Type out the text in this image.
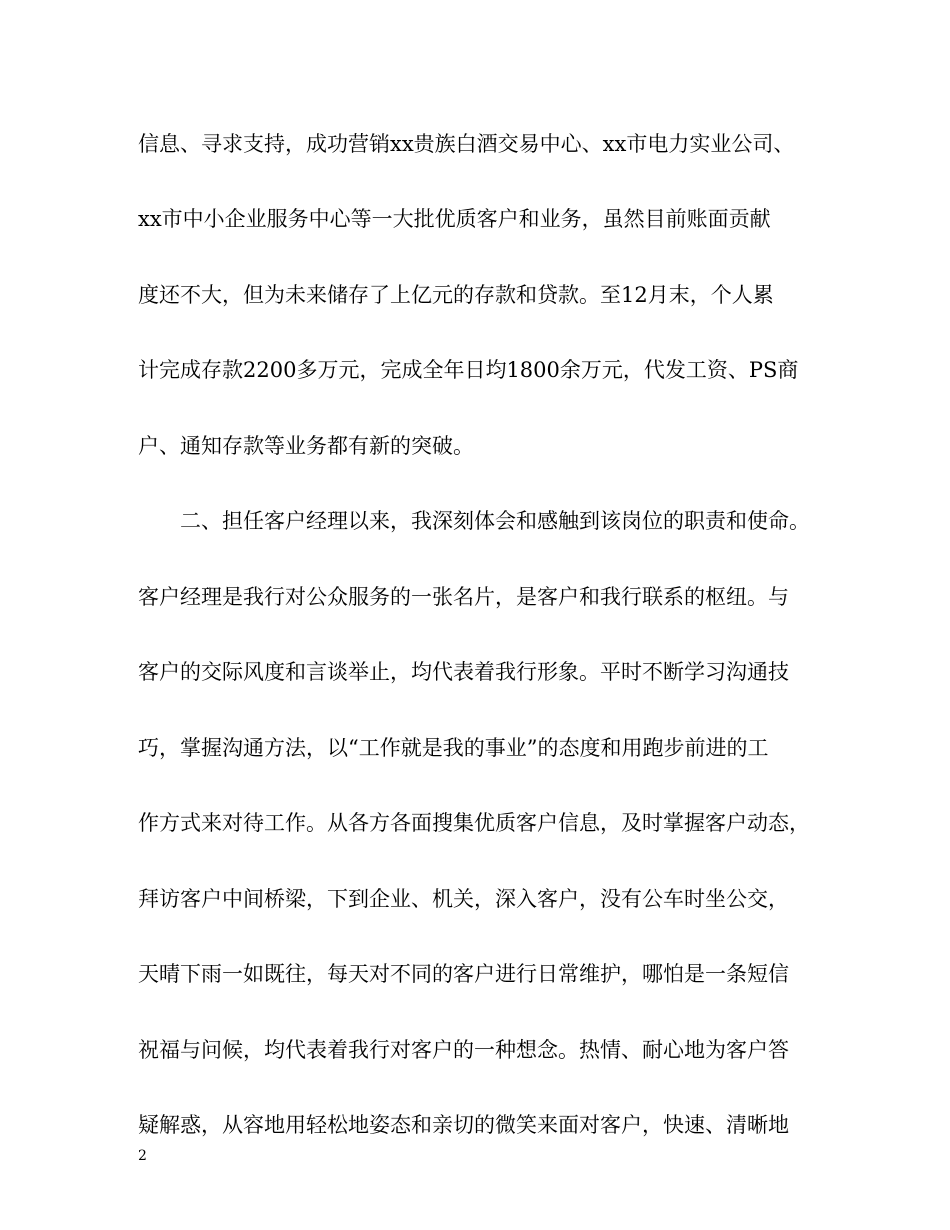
信息、寻求支持，成功营销xx贵族白酒交易中心、xx市电力实业公司、
xx市中小企业服务中心等一大批优质客户和业务，虽然目前账面贡献
度还不大，但为未来储存了上亿元的存款和贷款。至12月末，个人累
计完成存款2200多万元，完成全年日均1800余万元，代发工资、PS商
户、通知存款等业务都有新的突破。
　　二、担任客户经理以来，我深刻体会和感触到该岗位的职责和使命。
客户经理是我行对公众服务的一张名片，是客户和我行联系的枢纽。与
客户的交际风度和言谈举止，均代表着我行形象。平时不断学习沟通技
巧，掌握沟通方法，以“工作就是我的事业”的态度和用跑步前进的工
作方式来对待工作。从各方各面搜集优质客户信息，及时掌握客户动态，
拜访客户中间桥梁，下到企业、机关，深入客户，没有公车时坐公交，
天晴下雨一如既往，每天对不同的客户进行日常维护，哪怕是一条短信
祝福与问候，均代表着我行对客户的一种想念。热情、耐心地为客户答
疑解惑，从容地用轻松地姿态和亲切的微笑来面对客户，快速、清晰地
2
